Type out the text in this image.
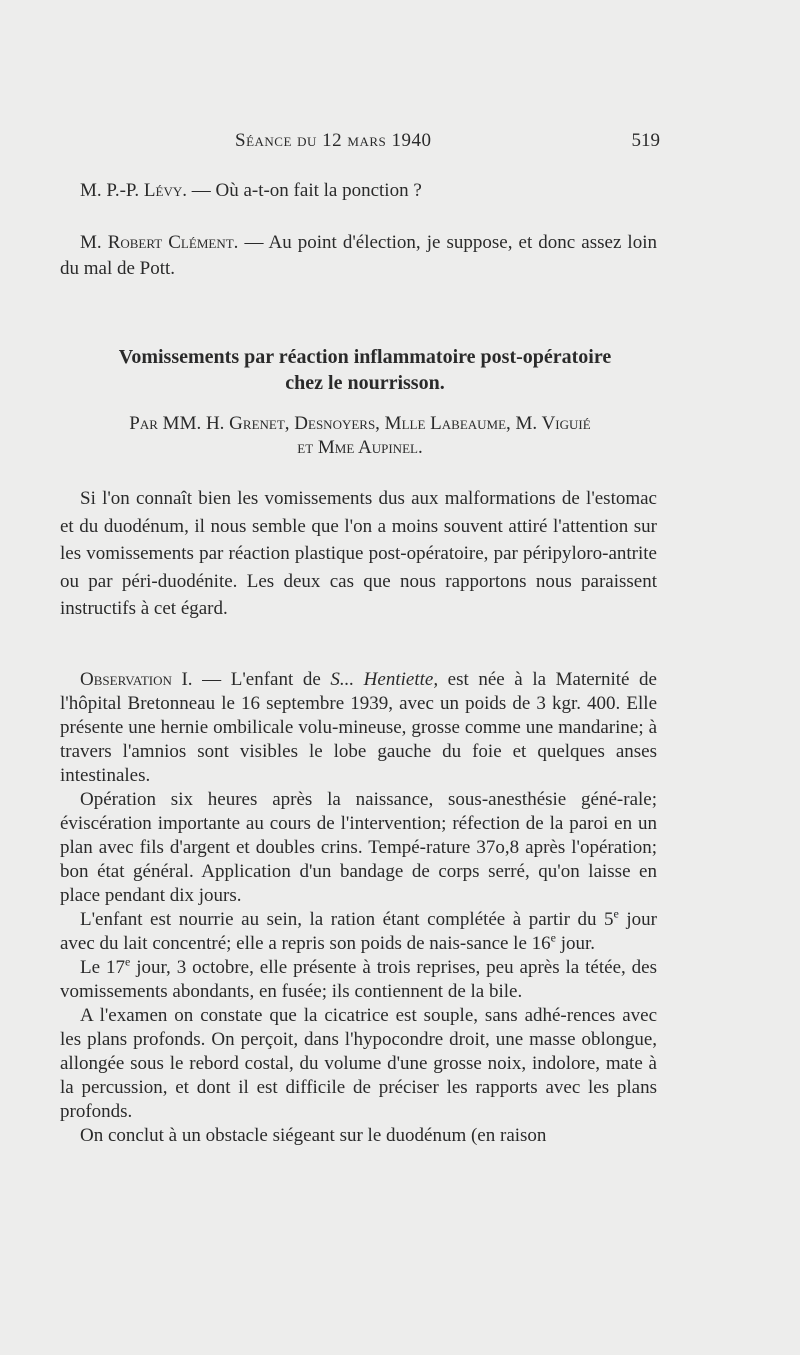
Séance du 12 mars 1940	519

M. P.-P. Lévy. — Où a-t-on fait la ponction ?

M. Robert Clément. — Au point d'élection, je suppose, et donc assez loin du mal de Pott.

Vomissements par réaction inflammatoire post-opératoire
chez le nourrisson.
Par MM. H. Grenet, Desnoyers, Mlle Labeaume, M. Viguié
et Mme Aupinel.

Si l'on connaît bien les vomissements dus aux malformations de l'estomac et du duodénum, il nous semble que l'on a moins souvent attiré l'attention sur les vomissements par réaction plastique post-opératoire, par péripyloro-antrite ou par péri-duodénite. Les deux cas que nous rapportons nous paraissent instructifs à cet égard.

Observation I. — L'enfant de S... Hentiette, est née à la Maternité de l'hôpital Bretonneau le 16 septembre 1939, avec un poids de 3 kgr. 400. Elle présente une hernie ombilicale volu-mineuse, grosse comme une mandarine; à travers l'amnios sont visibles le lobe gauche du foie et quelques anses intestinales.

Opération six heures après la naissance, sous-anesthésie géné-rale; éviscération importante au cours de l'intervention; réfection de la paroi en un plan avec fils d'argent et doubles crins. Tempé-rature 37o,8 après l'opération; bon état général. Application d'un bandage de corps serré, qu'on laisse en place pendant dix jours.

L'enfant est nourrie au sein, la ration étant complétée à partir du 5e jour avec du lait concentré; elle a repris son poids de nais-sance le 16e jour.

Le 17e jour, 3 octobre, elle présente à trois reprises, peu après la tétée, des vomissements abondants, en fusée; ils contiennent de la bile.

A l'examen on constate que la cicatrice est souple, sans adhé-rences avec les plans profonds. On perçoit, dans l'hypocondre droit, une masse oblongue, allongée sous le rebord costal, du volume d'une grosse noix, indolore, mate à la percussion, et dont il est difficile de préciser les rapports avec les plans profonds.

On conclut à un obstacle siégeant sur le duodénum (en raison
